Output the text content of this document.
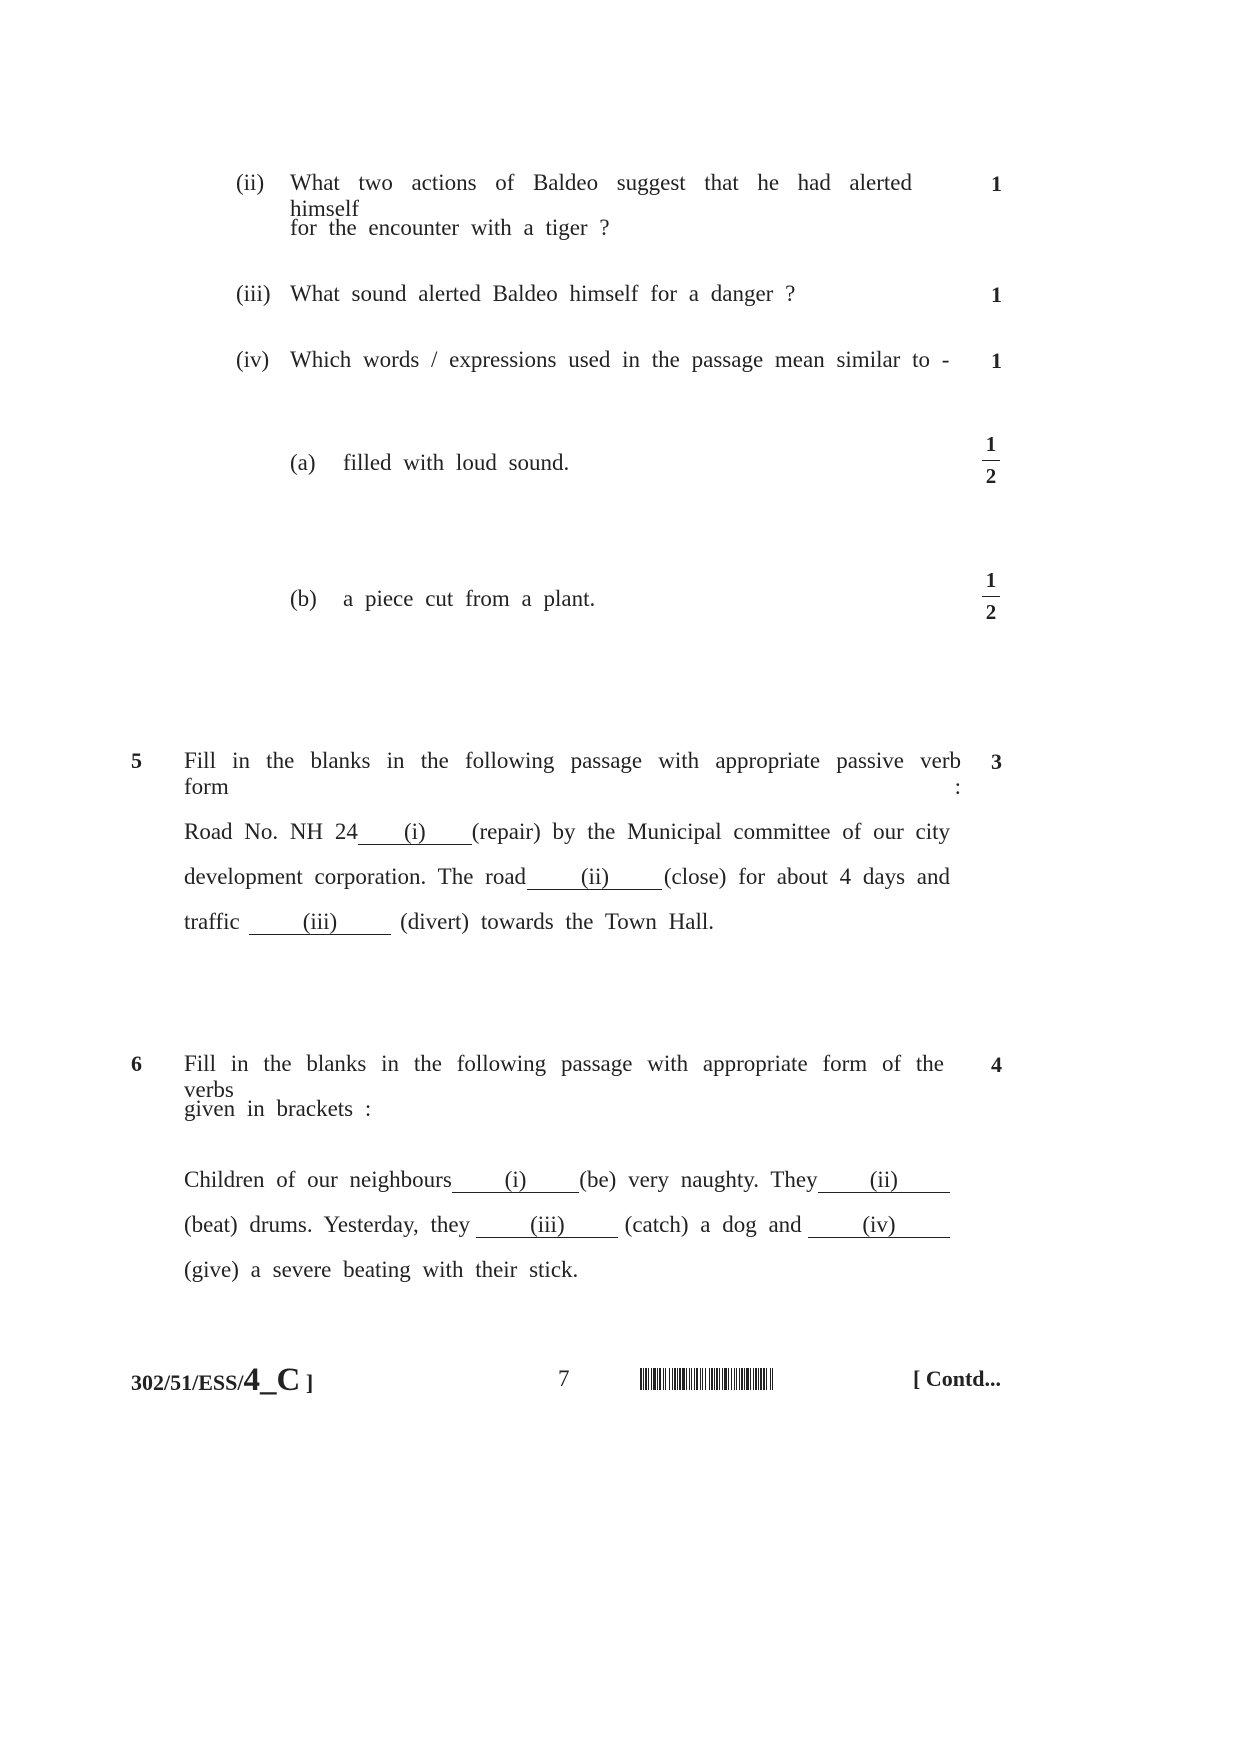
(ii) What two actions of Baldeo suggest that he had alerted himself
for the encounter with a tiger ?
1
(iii) What sound alerted Baldeo himself for a danger ?	1
(iv) Which words / expressions used in the passage mean similar to - 1
(a) filled with loud sound.
1
2
(b) a piece cut from a plant.
1
2
5 Fill in the blanks in the following passage with appropriate passive verb form :
3
Road No. NH 24	(i)	(repair) by the Municipal committee of our city
development corporation. The road	(ii)	(close) for about 4 days and
traffic	(iii)	(divert) towards the Town Hall.
6 Fill in the blanks in the following passage with appropriate form of the verbs
given in brackets :
4
Children of our neighbours	(i)	(be) very naughty. They	(ii)
(beat) drums. Yesterday, they	(iii)	(catch) a dog and	(iv)
(give) a severe beating with their stick.
302/51/ESS/4_C ]	7	[ Contd...
